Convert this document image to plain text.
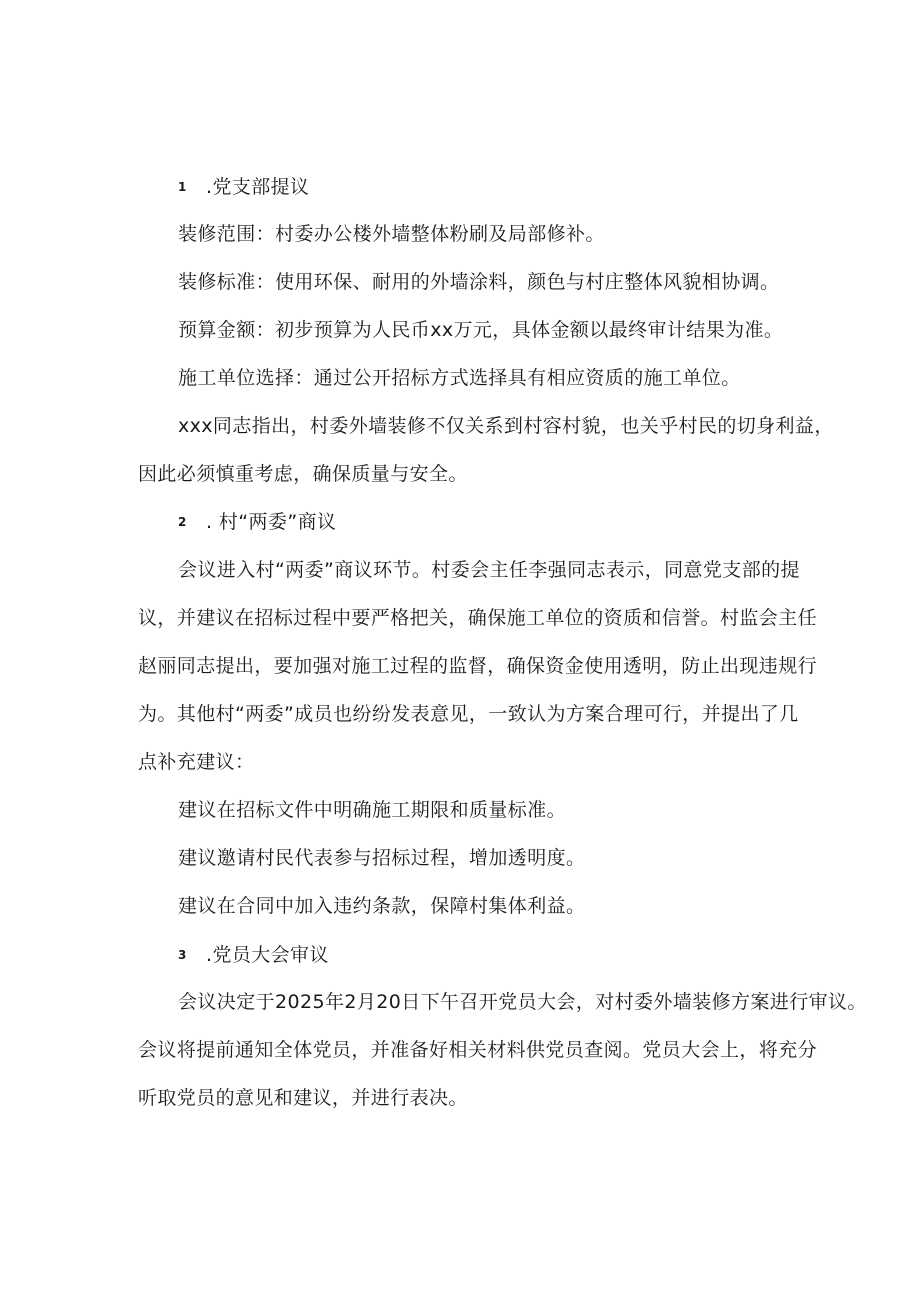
1 .党支部提议
装修范围：村委办公楼外墙整体粉刷及局部修补。
装修标准：使用环保、耐用的外墙涂料，颜色与村庄整体风貌相协调。
预算金额：初步预算为人民币xx万元，具体金额以最终审计结果为准。
施工单位选择：通过公开招标方式选择具有相应资质的施工单位。
xxx同志指出，村委外墙装修不仅关系到村容村貌，也关乎村民的切身利益，
因此必须慎重考虑，确保质量与安全。
2 . 村“两委”商议
会议进入村“两委”商议环节。村委会主任李强同志表示，同意党支部的提
议，并建议在招标过程中要严格把关，确保施工单位的资质和信誉。村监会主任
赵丽同志提出，要加强对施工过程的监督，确保资金使用透明，防止出现违规行
为。其他村“两委”成员也纷纷发表意见，一致认为方案合理可行，并提出了几
点补充建议：
建议在招标文件中明确施工期限和质量标准。
建议邀请村民代表参与招标过程，增加透明度。
建议在合同中加入违约条款，保障村集体利益。
3 .党员大会审议
会议决定于2025年2月20日下午召开党员大会，对村委外墙装修方案进行审议。
会议将提前通知全体党员，并准备好相关材料供党员查阅。党员大会上，将充分
听取党员的意见和建议，并进行表决。
